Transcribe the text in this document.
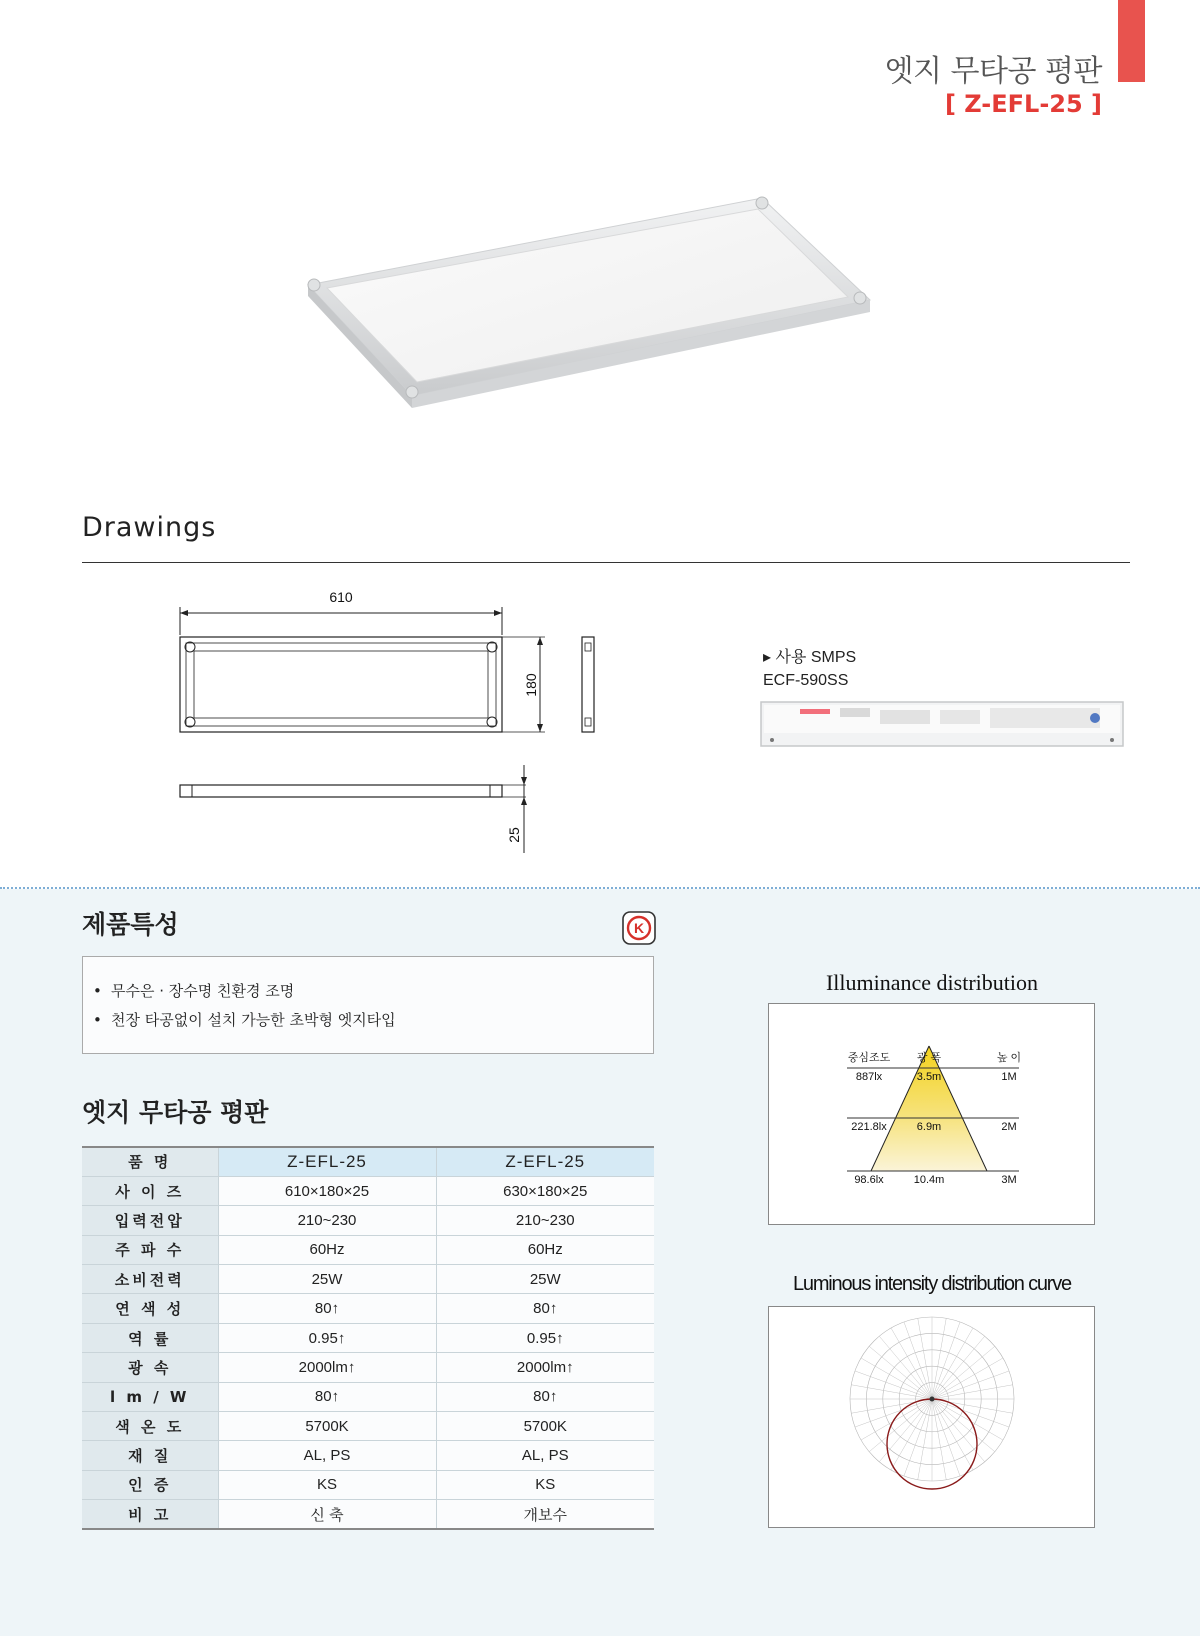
엣지 무타공 평판
[ Z-EFL-25 ]
Drawings
610
180
25
▸ 사용 SMPS
ECF-590SS
제품특성	K
• 무수은 · 장수명 친환경 조명
• 천장 타공없이 설치 가능한 초박형 엣지타입
엣지 무타공 평판
품 명	Z-EFL-25	Z-EFL-25
사 이 즈	610×180×25	630×180×25
입력전압	210~230	210~230
주 파 수	60Hz	60Hz
소비전력	25W	25W
연 색 성	80↑	80↑
역 률	0.95↑	0.95↑
광 속	2000lm↑	2000lm↑
l m / W	80↑	80↑
색 온 도	5700K	5700K
재 질	AL, PS	AL, PS
인 증	KS	KS
비 고	신 축	개보수
Illuminance distribution
중심조도 광 폭	높 이
887lx	3.5m	1M
221.8lx	6.9m	2M
98.6lx	10.4m	3M
Luminous intensity distribution curve
